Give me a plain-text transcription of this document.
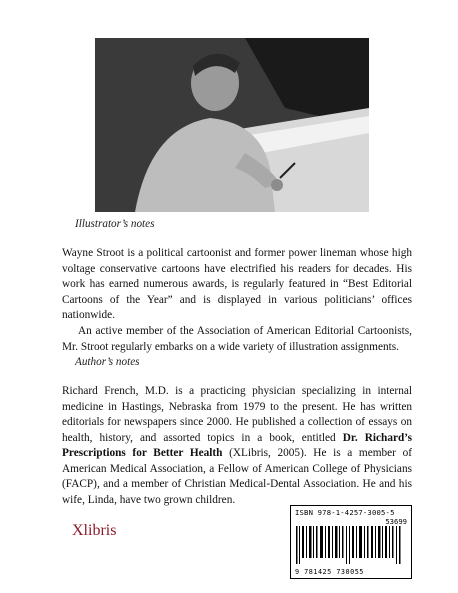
Illustrator’s notes
Wayne Stroot is a political cartoonist and former power lineman whose high voltage conservative cartoons have electrified his readers for decades. His work has earned numerous awards, is regularly featured in “Best Editorial Cartoons of the Year” and is displayed in various politicians’ offices nationwide.
An active member of the Association of American Editorial Cartoonists, Mr. Stroot regularly embarks on a wide variety of illustration assignments.
Author’s notes
Richard French, M.D. is a practicing physician specializing in internal medicine in Hastings, Nebraska from 1979 to the present. He has written editorials for newspapers since 2000. He published a collection of essays on health, history, and assorted topics in a book, entitled Dr. Richard’s Prescriptions for Better Health (XLibris, 2005). He is a member of American Medical Association, a Fellow of American College of Physicians (FACP), and a member of Christian Medical-Dental Association. He and his wife, Linda, have two grown children.
Xlibris
ISBN 978-1-4257-3005-5
53699
9 781425 730055
